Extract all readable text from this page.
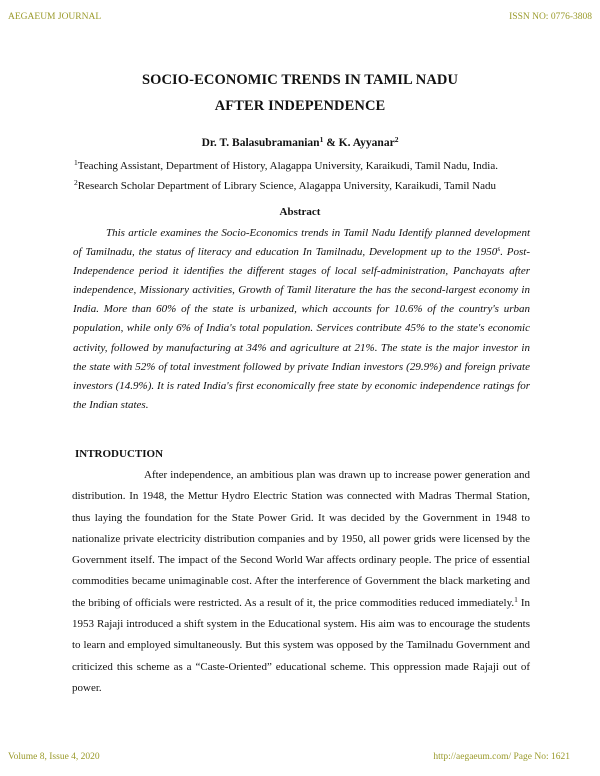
AEGAEUM JOURNAL	ISSN NO: 0776-3808
SOCIO-ECONOMIC TRENDS IN TAMIL NADU
AFTER INDEPENDENCE
Dr. T. Balasubramanian$^1$ & K. Ayyanar$^2$
$^1$Teaching Assistant, Department of History, Alagappa University, Karaikudi, Tamil Nadu, India.
$^2$Research Scholar Department of Library Science, Alagappa University, Karaikudi, Tamil Nadu
Abstract

This article examines the Socio-Economics trends in Tamil Nadu Identify planned development of Tamilnadu, the status of literacy and education In Tamilnadu, Development up to the 1950$^s$. Post-Independence period it identifies the different stages of local self-administration, Panchayats after independence, Missionary activities, Growth of Tamil literature the has the second-largest economy in India. More than 60% of the state is urbanized, which accounts for 10.6% of the country's urban population, while only 6% of India's total population. Services contribute 45% to the state's economic activity, followed by manufacturing at 34% and agriculture at 21%. The state is the major investor in the state with 52% of total investment followed by private Indian investors (29.9%) and foreign private investors (14.9%). It is rated India's first economically free state by economic independence ratings for the Indian states.

INTRODUCTION

After independence, an ambitious plan was drawn up to increase power generation and distribution. In 1948, the Mettur Hydro Electric Station was connected with Madras Thermal Station, thus laying the foundation for the State Power Grid. It was decided by the Government in 1948 to nationalize private electricity distribution companies and by 1950, all power grids were licensed by the Government itself. The impact of the Second World War affects ordinary people. The price of essential commodities became unimaginable cost. After the interference of Government the black marketing and the bribing of officials were restricted. As a result of it, the price commodities reduced immediately.$^1$ In 1953 Rajaji introduced a shift system in the Educational system. His aim was to encourage the students to learn and employed simultaneously. But this system was opposed by the Tamilnadu Government and criticized this scheme as a “Caste-Oriented” educational scheme. This oppression made Rajaji out of power.

Volume 8, Issue 4, 2020	http://aegaeum.com/ Page No: 1621
